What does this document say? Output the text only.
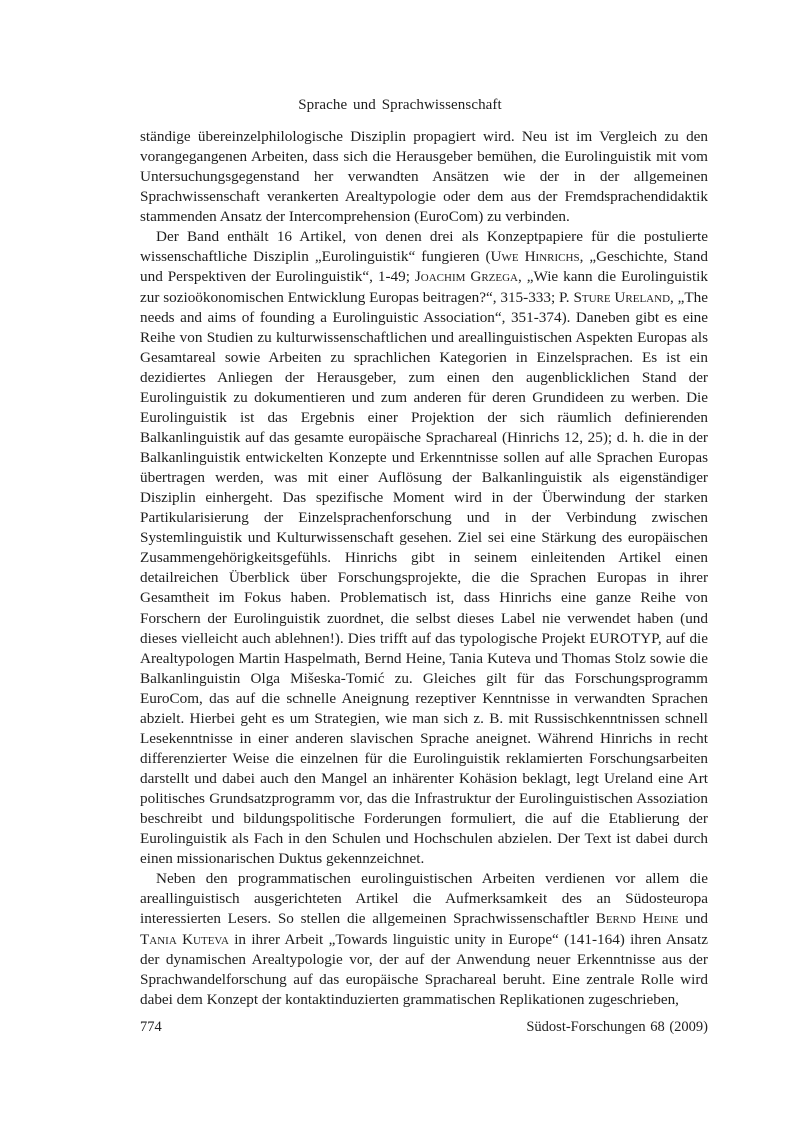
Sprache und Sprachwissenschaft

ständige übereinzelphilologische Disziplin propagiert wird. Neu ist im Vergleich zu den vorangegangenen Arbeiten, dass sich die Herausgeber bemühen, die Eurolinguistik mit vom Untersuchungsgegenstand her verwandten Ansätzen wie der in der allgemeinen Sprachwissenschaft verankerten Arealtypologie oder dem aus der Fremdsprachendidaktik stammenden Ansatz der Intercomprehension (EuroCom) zu verbinden.

Der Band enthält 16 Artikel, von denen drei als Konzeptpapiere für die postulierte wissenschaftliche Disziplin „Eurolinguistik“ fungieren (Uwe Hinrichs, „Geschichte, Stand und Perspektiven der Eurolinguistik“, 1-49; Joachim Grzega, „Wie kann die Eurolinguistik zur sozioökonomischen Entwicklung Europas beitragen?“, 315-333; P. Sture Ureland, „The needs and aims of founding a Eurolinguistic Association“, 351-374). Daneben gibt es eine Reihe von Studien zu kulturwissenschaftlichen und areallinguistischen Aspekten Europas als Gesamtareal sowie Arbeiten zu sprachlichen Kategorien in Einzelsprachen. Es ist ein dezidiertes Anliegen der Herausgeber, zum einen den augenblicklichen Stand der Eurolinguistik zu dokumentieren und zum anderen für deren Grundideen zu werben. Die Eurolinguistik ist das Ergebnis einer Projektion der sich räumlich definierenden Balkanlinguistik auf das gesamte europäische Sprachareal (Hinrichs 12, 25); d. h. die in der Balkanlinguistik entwickelten Konzepte und Erkenntnisse sollen auf alle Sprachen Europas übertragen werden, was mit einer Auflösung der Balkanlinguistik als eigenständiger Disziplin einhergeht. Das spezifische Moment wird in der Überwindung der starken Partikularisierung der Einzelsprachenforschung und in der Verbindung zwischen Systemlinguistik und Kulturwissenschaft gesehen. Ziel sei eine Stärkung des europäischen Zusammengehörigkeitsgefühls. Hinrichs gibt in seinem einleitenden Artikel einen detailreichen Überblick über Forschungsprojekte, die die Sprachen Europas in ihrer Gesamtheit im Fokus haben. Problematisch ist, dass Hinrichs eine ganze Reihe von Forschern der Eurolinguistik zuordnet, die selbst dieses Label nie verwendet haben (und dieses vielleicht auch ablehnen!). Dies trifft auf das typologische Projekt EUROTYP, auf die Arealtypologen Martin Haspelmath, Bernd Heine, Tania Kuteva und Thomas Stolz sowie die Balkanlinguistin Olga Mišeska-Tomić zu. Gleiches gilt für das Forschungsprogramm EuroCom, das auf die schnelle Aneignung rezeptiver Kenntnisse in verwandten Sprachen abzielt. Hierbei geht es um Strategien, wie man sich z. B. mit Russischkenntnissen schnell Lesekenntnisse in einer anderen slavischen Sprache aneignet. Während Hinrichs in recht differenzierter Weise die einzelnen für die Eurolinguistik reklamierten Forschungsarbeiten darstellt und dabei auch den Mangel an inhärenter Kohäsion beklagt, legt Ureland eine Art politisches Grundsatzprogramm vor, das die Infrastruktur der Eurolinguistischen Assoziation beschreibt und bildungspolitische Forderungen formuliert, die auf die Etablierung der Eurolinguistik als Fach in den Schulen und Hochschulen abzielen. Der Text ist dabei durch einen missionarischen Duktus gekennzeichnet.

Neben den programmatischen eurolinguistischen Arbeiten verdienen vor allem die areallinguistisch ausgerichteten Artikel die Aufmerksamkeit des an Südosteuropa interessierten Lesers. So stellen die allgemeinen Sprachwissenschaftler Bernd Heine und Tania Kuteva in ihrer Arbeit „Towards linguistic unity in Europe“ (141-164) ihren Ansatz der dynamischen Arealtypologie vor, der auf der Anwendung neuer Erkenntnisse aus der Sprachwandelforschung auf das europäische Sprachareal beruht. Eine zentrale Rolle wird dabei dem Konzept der kontaktinduzierten grammatischen Replikationen zugeschrieben,

774	Südost-Forschungen 68 (2009)
